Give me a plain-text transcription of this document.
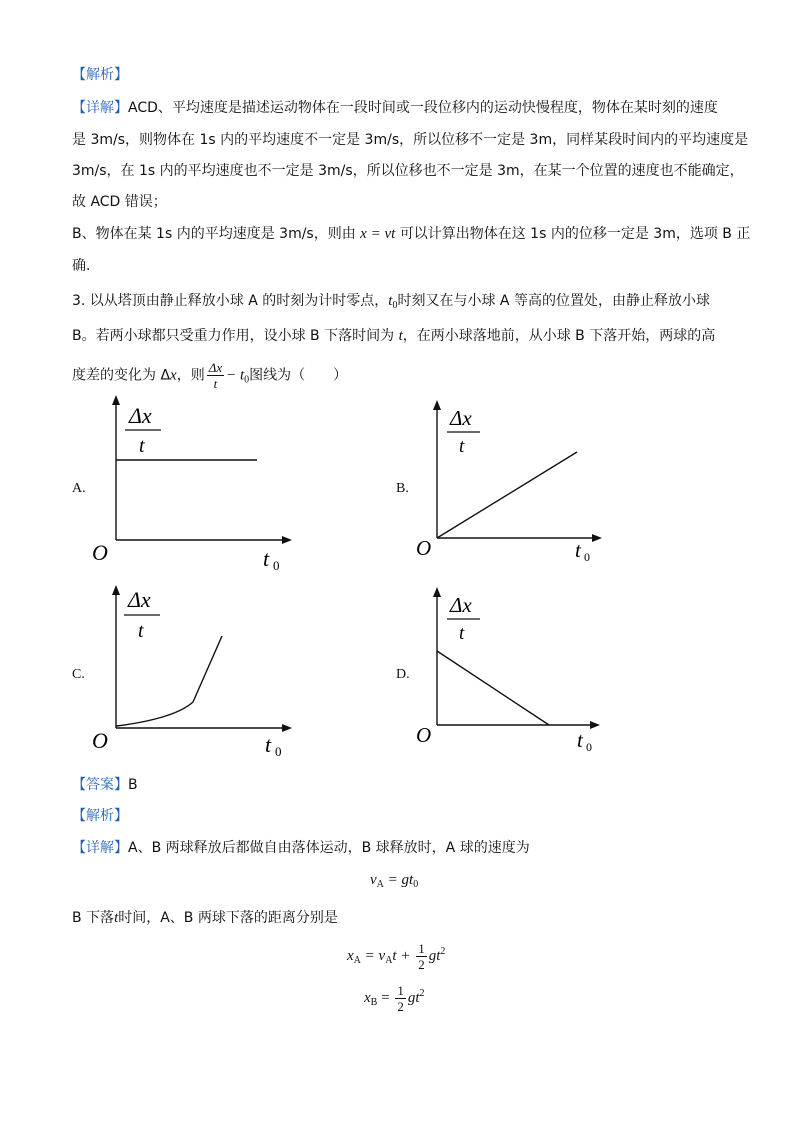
【解析】
【详解】ACD、平均速度是描述运动物体在一段时间或一段位移内的运动快慢程度，物体在某时刻的速度
是 3m/s，则物体在 1s 内的平均速度不一定是 3m/s，所以位移不一定是 3m，同样某段时间内的平均速度是
3m/s，在 1s 内的平均速度也不一定是 3m/s，所以位移也不一定是 3m，在某一个位置的速度也不能确定，
故 ACD 错误；
B、物体在某 1s 内的平均速度是 3m/s，则由 x = vt 可以计算出物体在这 1s 内的位移一定是 3m，选项 B 正
确．
3. 以从塔顶由静止释放小球 A 的时刻为计时零点，$t_0$时刻又在与小球 A 等高的位置处，由静止释放小球
B。若两小球都只受重力作用，设小球 B 下落时间为 t，在两小球落地前，从小球 B 下落开始，两球的高
度差的变化为 Δx，则 $\frac{\Delta x}{t} - t_0$图线为（　　）
A.	B.
C.	D.
Δx
t
O	t 0
Δx
t
O	t 0
Δx
t
O	t 0
Δx
t
O	t 0
【答案】B
【解析】
【详解】A、B 两球释放后都做自由落体运动，B 球释放时，A 球的速度为
$v_A = gt_0$
B 下落t时间，A、B 两球下落的距离分别是
$x_A = v_At + \frac{1}{2} gt^2$
$x_B = \frac{1}{2} gt^2$
